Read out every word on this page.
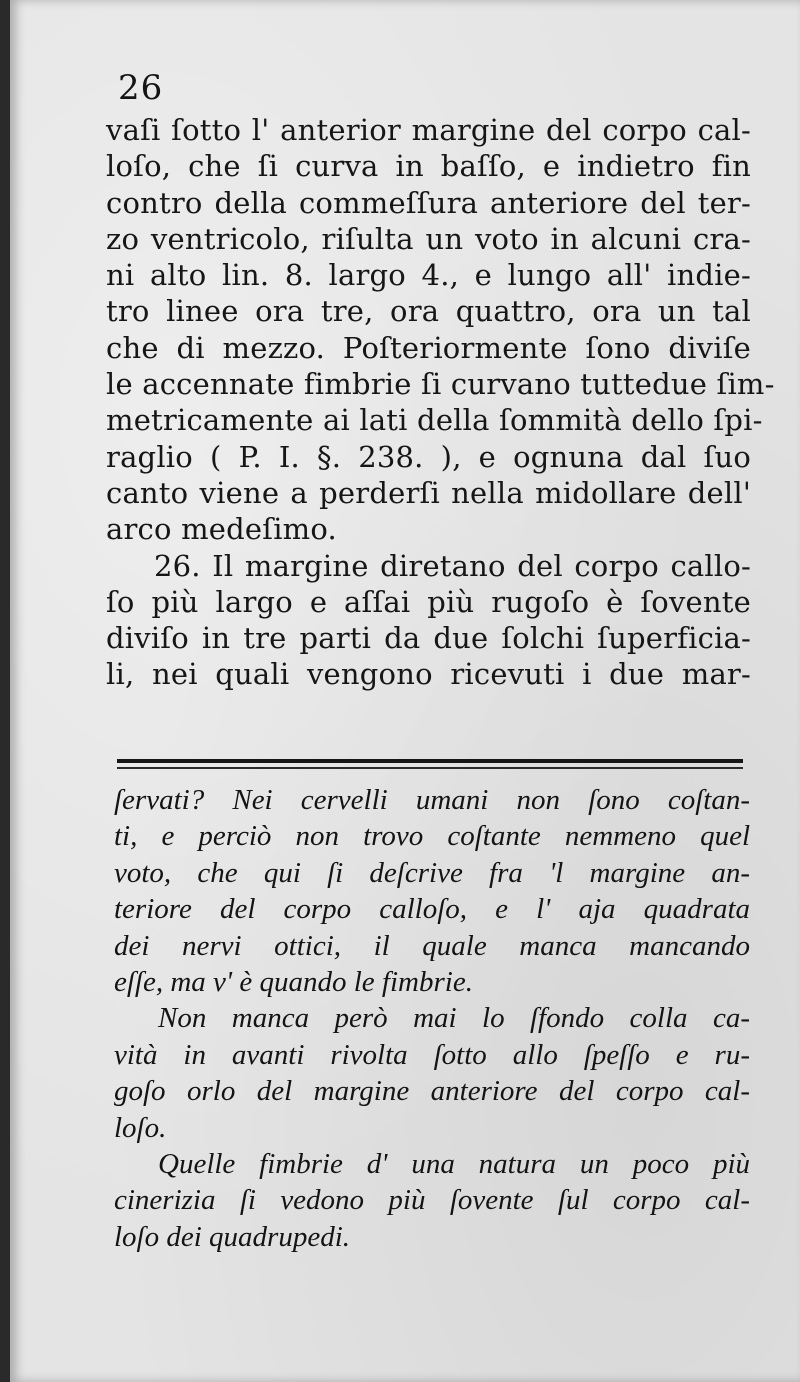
26
vaſi ſotto l' anterior margine del corpo cal-
loſo, che ſi curva in baſſo, e indietro fin
contro della commeſſura anteriore del ter-
zo ventricolo, riſulta un voto in alcuni cra-
ni alto lin. 8. largo 4., e lungo all' indie-
tro linee ora tre, ora quattro, ora un tal
che di mezzo. Poſteriormente ſono diviſe
le accennate fimbrie ſi curvano tuttedue ſim-
metricamente ai lati della ſommità dello ſpi-
raglio ( P. I. §. 238. ), e ognuna dal ſuo
canto viene a perderſi nella midollare dell'
arco medeſimo.
26. Il margine diretano del corpo callo-
ſo più largo e aſſai più rugoſo è ſovente
diviſo in tre parti da due ſolchi ſuperficia-
li, nei quali vengono ricevuti i due mar-
ſervati? Nei cervelli umani non ſono coſtan-
ti, e perciò non trovo coſtante nemmeno quel
voto, che qui ſi deſcrive fra 'l margine an-
teriore del corpo calloſo, e l' aja quadrata
dei nervi ottici, il quale manca mancando
eſſe, ma v' è quando le fimbrie.
Non manca però mai lo ſfondo colla ca-
vità in avanti rivolta ſotto allo ſpeſſo e ru-
goſo orlo del margine anteriore del corpo cal-
loſo.
Quelle fimbrie d' una natura un poco più
cinerizia ſi vedono più ſovente ſul corpo cal-
loſo dei quadrupedi.
